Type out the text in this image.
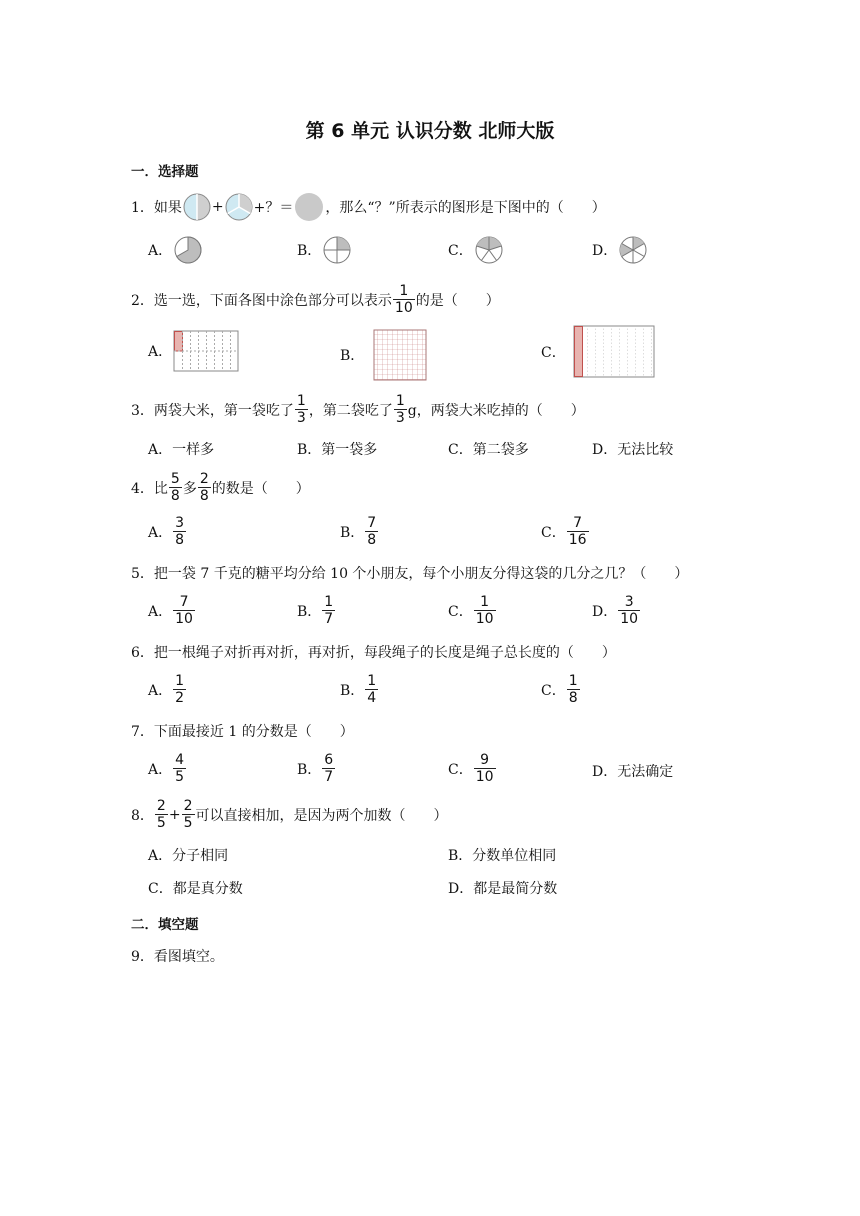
第 6 单元 认识分数 北师大版
一．选择题
1．如果 + +？＝ ，那么“？”所表示的图形是下图中的（　　）
A．	B．	C．	D．
2．选一选，下面各图中涂色部分可以表示 $\frac{1}{10}$ 的是（　　）
A．	B．	C．
3．两袋大米，第一袋吃了 $\frac{1}{3}$ ，第二袋吃了 $\frac{1}{3}$ g，两袋大米吃掉的（　　）
A．一样多	B．第一袋多	C．第二袋多	D．无法比较
4．比 $\frac{5}{8}$ 多 $\frac{2}{8}$ 的数是（　　）
A． $\frac{3}{8}$	B． $\frac{7}{8}$	C． $\frac{7}{16}$
5．把一袋 7 千克的糖平均分给 10 个小朋友，每个小朋友分得这袋的几分之几？（　　）
A． $\frac{7}{10}$	B． $\frac{1}{7}$	C． $\frac{1}{10}$	D． $\frac{3}{10}$
6．把一根绳子对折再对折，再对折，每段绳子的长度是绳子总长度的（　　）
A． $\frac{1}{2}$	B． $\frac{1}{4}$	C． $\frac{1}{8}$
7．下面最接近 1 的分数是（　　）
A． $\frac{4}{5}$	B． $\frac{6}{7}$	C． $\frac{9}{10}$	D．无法确定
8． $\frac{2}{5} + \frac{2}{5}$ 可以直接相加，是因为两个加数（　　）
A．分子相同	B．分数单位相同
C．都是真分数	D．都是最简分数
二．填空题
9．看图填空。
